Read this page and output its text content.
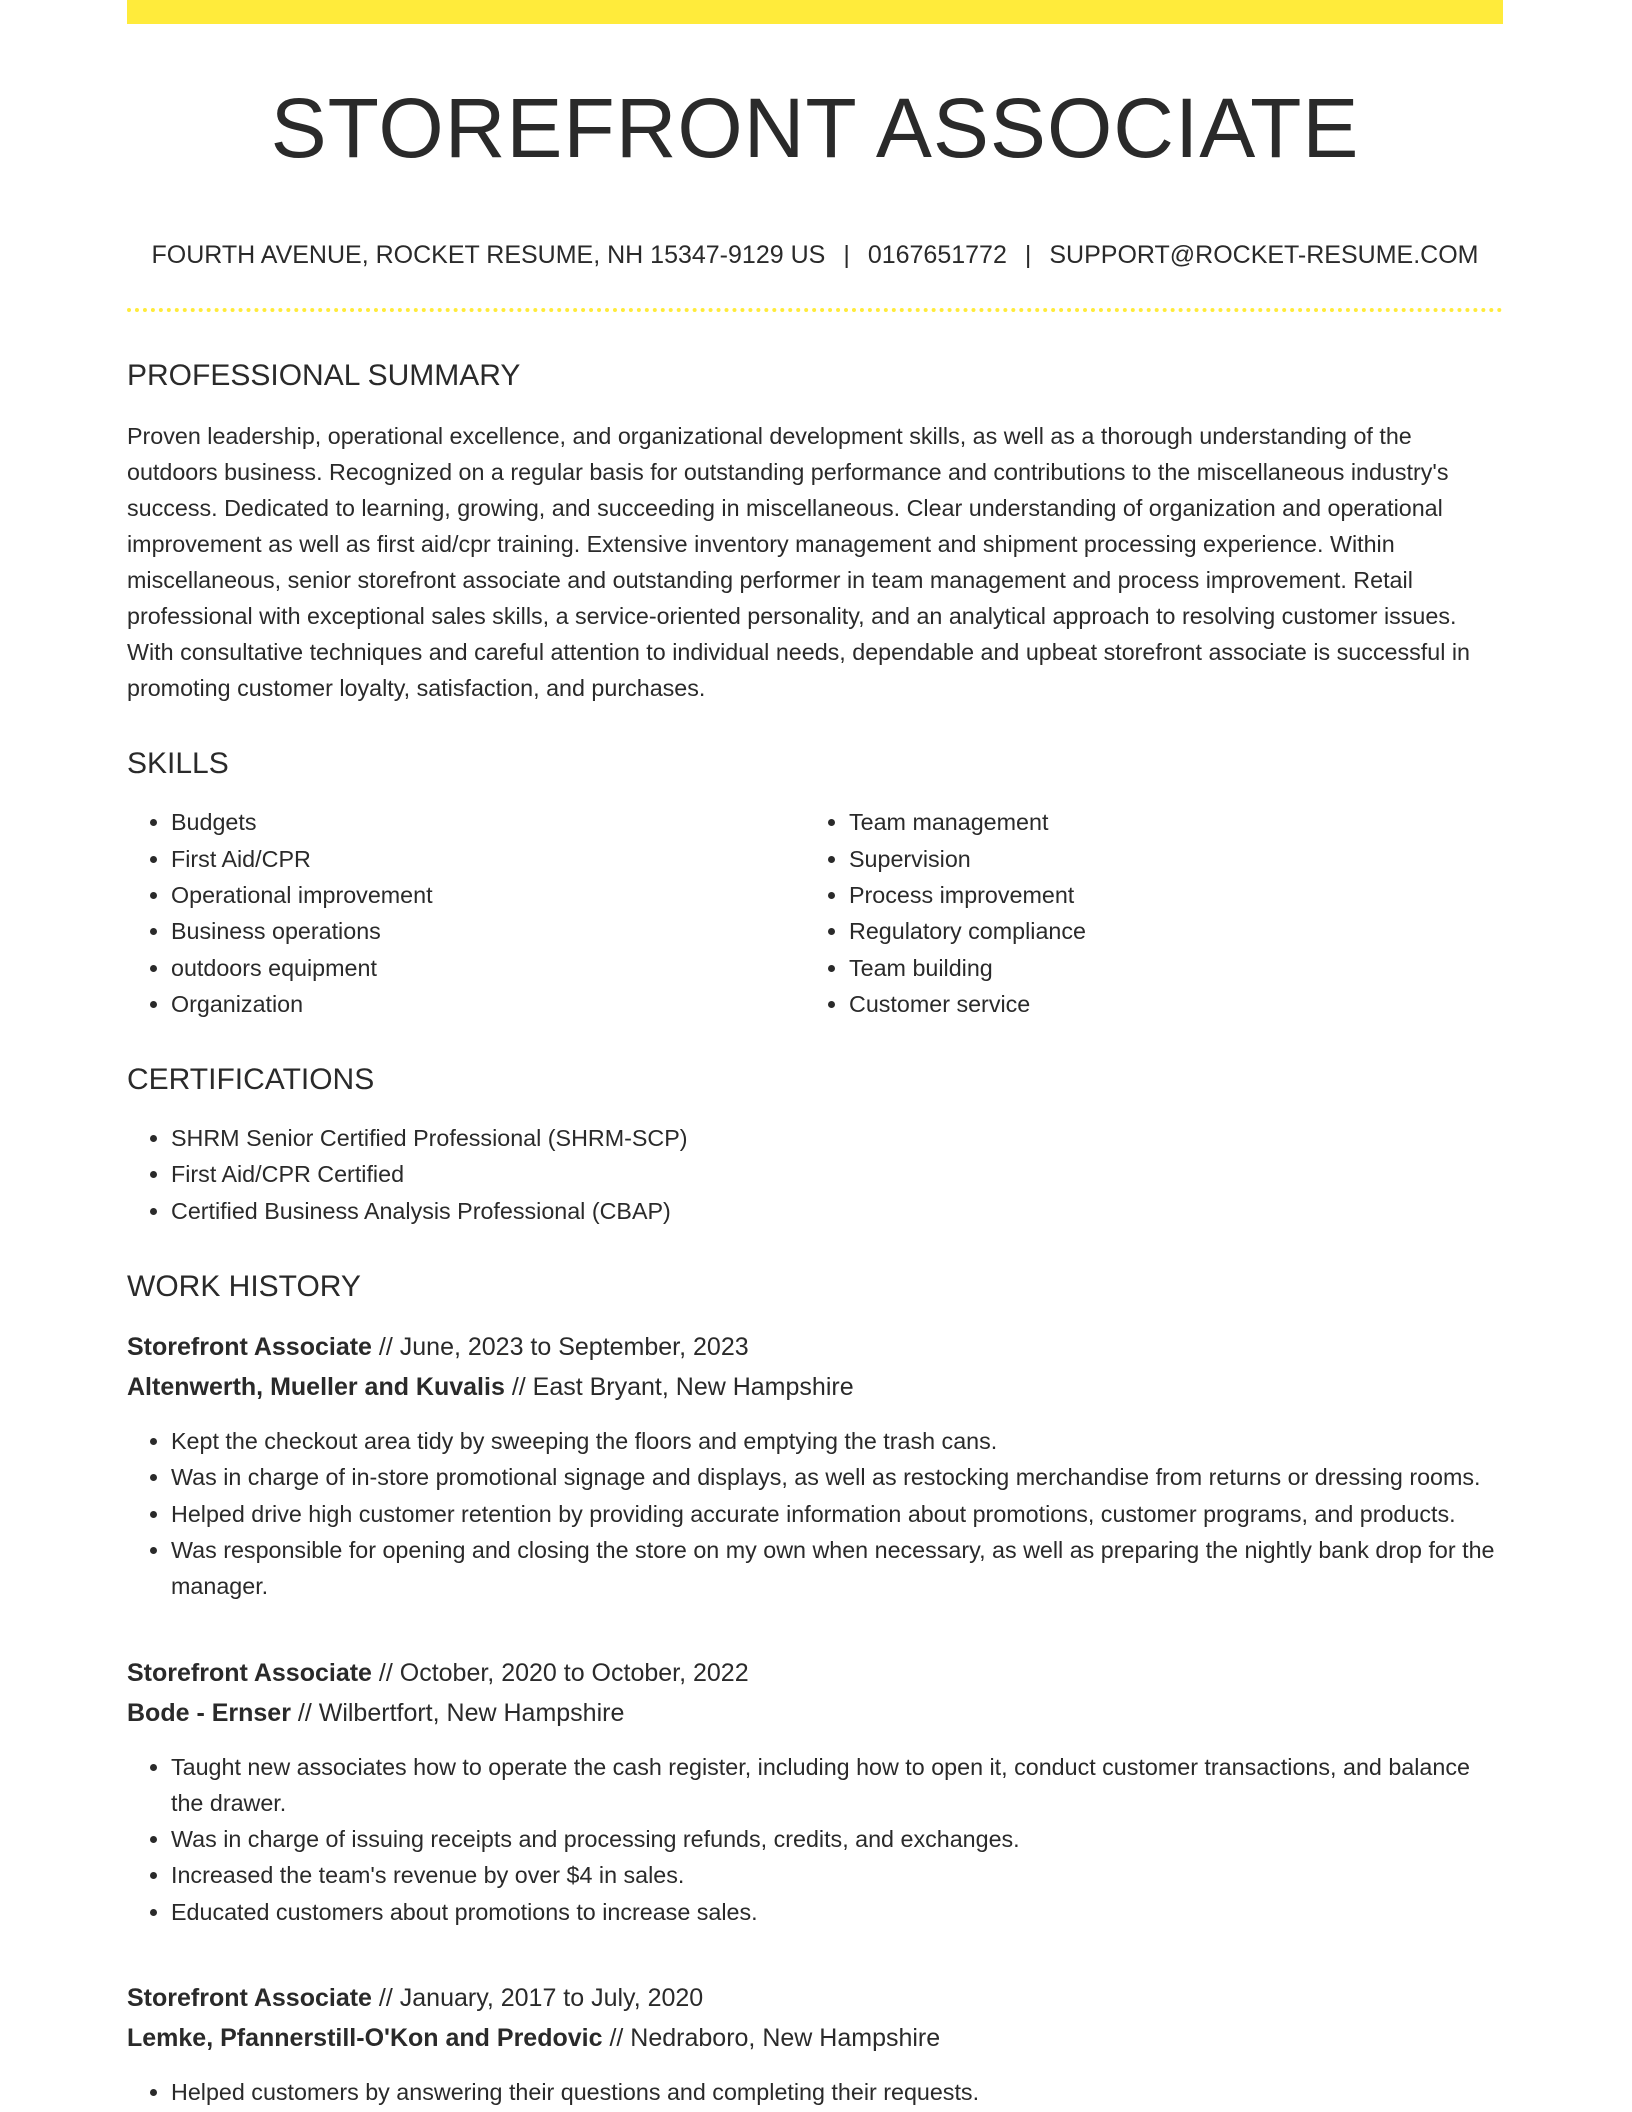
STOREFRONT ASSOCIATE
FOURTH AVENUE, ROCKET RESUME, NH 15347-9129 US | 0167651772 | SUPPORT@ROCKET-RESUME.COM
PROFESSIONAL SUMMARY

Proven leadership, operational excellence, and organizational development skills, as well as a thorough understanding of the outdoors business. Recognized on a regular basis for outstanding performance and contributions to the miscellaneous industry's success. Dedicated to learning, growing, and succeeding in miscellaneous. Clear understanding of organization and operational improvement as well as first aid/cpr training. Extensive inventory management and shipment processing experience. Within miscellaneous, senior storefront associate and outstanding performer in team management and process improvement. Retail professional with exceptional sales skills, a service-oriented personality, and an analytical approach to resolving customer issues. With consultative techniques and careful attention to individual needs, dependable and upbeat storefront associate is successful in promoting customer loyalty, satisfaction, and purchases.

SKILLS
• Budgets
• First Aid/CPR
• Operational improvement
• Business operations
• outdoors equipment
• Organization
• Team management
• Supervision
• Process improvement
• Regulatory compliance
• Team building
• Customer service
CERTIFICATIONS
• SHRM Senior Certified Professional (SHRM-SCP)
• First Aid/CPR Certified
• Certified Business Analysis Professional (CBAP)
WORK HISTORY
Storefront Associate // June, 2023 to September, 2023
Altenwerth, Mueller and Kuvalis // East Bryant, New Hampshire
• Kept the checkout area tidy by sweeping the floors and emptying the trash cans.
• Was in charge of in-store promotional signage and displays, as well as restocking merchandise from returns or dressing rooms.
• Helped drive high customer retention by providing accurate information about promotions, customer programs, and products.
• Was responsible for opening and closing the store on my own when necessary, as well as preparing the nightly bank drop for the manager.
Storefront Associate // October, 2020 to October, 2022
Bode - Ernser // Wilbertfort, New Hampshire
• Taught new associates how to operate the cash register, including how to open it, conduct customer transactions, and balance the drawer.
• Was in charge of issuing receipts and processing refunds, credits, and exchanges.
• Increased the team's revenue by over $4 in sales.
• Educated customers about promotions to increase sales.
Storefront Associate // January, 2017 to July, 2020
Lemke, Pfannerstill-O'Kon and Predovic // Nedraboro, New Hampshire
• Helped customers by answering their questions and completing their requests.
